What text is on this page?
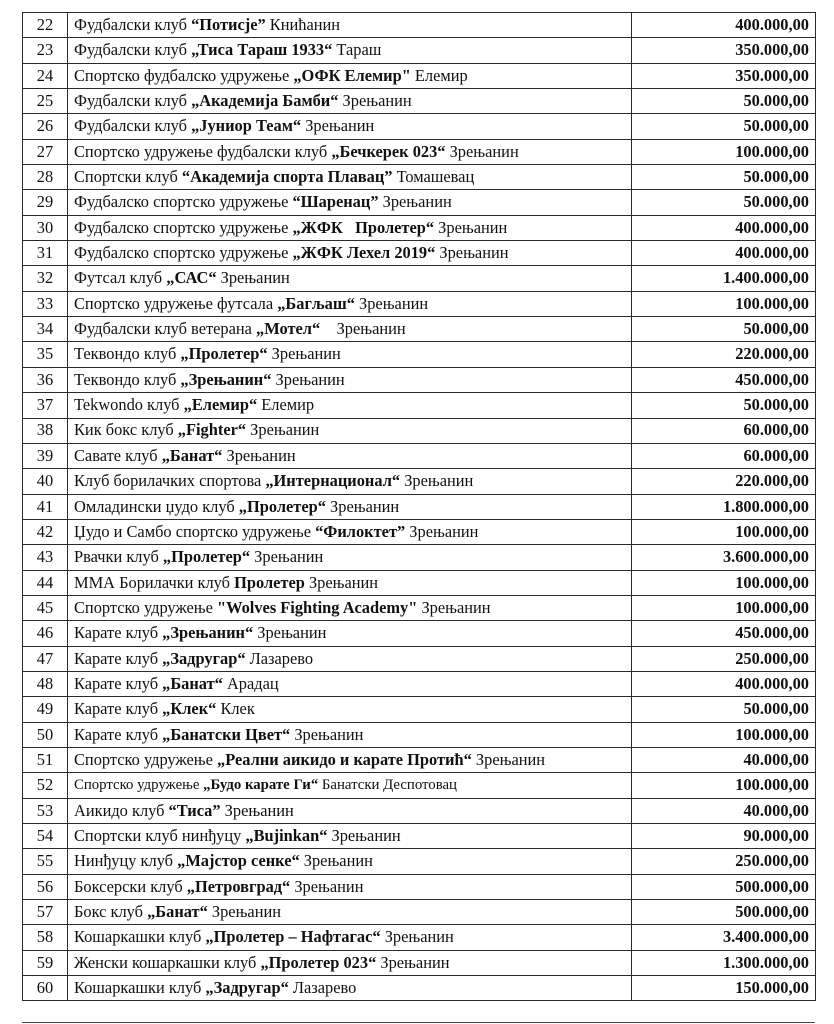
22	Фудбалски клуб “Потисје” Книћанин	400.000,00
23	Фудбалски клуб „Тиса Тараш 1933“ Тараш	350.000,00
24	Спортско фудбалско удружење „ОФК Елемир" Елемир	350.000,00
25	Фудбалски клуб „Академија Бамби“ Зрењанин	50.000,00
26	Фудбалски клуб „Јуниор Теам“ Зрењанин	50.000,00
27	Спортско удружење фудбалски клуб „Бечкерек 023“ Зрењанин	100.000,00
28	Спортски клуб “Академија спорта Плавац” Томашевац	50.000,00
29	Фудбалско спортско удружење “Шаренац” Зрењанин	50.000,00
30	Фудбалско спортско удружење „ЖФК   Пролетер“ Зрењанин	400.000,00
31	Фудбалско спортско удружење „ЖФК Лехел 2019“ Зрењанин	400.000,00
32	Футсал клуб „САС“ Зрењанин	1.400.000,00
33	Спортско удружење футсала „Багљаш“ Зрењанин	100.000,00
34	Фудбалски клуб ветерана „Мотел“    Зрењанин	50.000,00
35	Теквондо клуб „Пролетер“ Зрењанин	220.000,00
36	Теквондо клуб „Зрењанин“ Зрењанин	450.000,00
37	Tekwondo клуб „Елемир“ Елемир	50.000,00
38	Кик бокс клуб „Fighter“ Зрењанин	60.000,00
39	Савате клуб „Банат“ Зрењанин	60.000,00
40	Клуб борилачких спортова „Интернационал“ Зрењанин	220.000,00
41	Омладински џудо клуб „Пролетер“ Зрењанин	1.800.000,00
42	Џудо и Самбо спортско удружење “Филоктет” Зрењанин	100.000,00
43	Рвачки клуб „Пролетер“ Зрењанин	3.600.000,00
44	ММА Борилачки клуб Пролетер Зрењанин	100.000,00
45	Спортско удружење "Wolves Fighting Academy" Зрењанин	100.000,00
46	Карате клуб „Зрењанин“ Зрењанин	450.000,00
47	Карате клуб „Задругар“ Лазарево	250.000,00
48	Карате клуб „Банат“ Арадац	400.000,00
49	Карате клуб „Клек“ Клек	50.000,00
50	Карате клуб „Банатски Цвет“ Зрењанин	100.000,00
51	Спортско удружење „Реални аикидо и карате Протић“ Зрењанин	40.000,00
52	Спортско удружење „Будо карате Ги“ Банатски Деспотовац	100.000,00
53	Аикидо клуб “Тиса” Зрењанин	40.000,00
54	Спортски клуб нинђуцу „Bujinkan“ Зрењанин	90.000,00
55	Нинђуцу клуб „Мајстор сенке“ Зрењанин	250.000,00
56	Боксерски клуб „Петровград“ Зрењанин	500.000,00
57	Бокс клуб „Банат“ Зрењанин	500.000,00
58	Кошаркашки клуб „Пролетер – Нафтагас“ Зрењанин	3.400.000,00
59	Женски кошаркашки клуб „Пролетер 023“ Зрењанин	1.300.000,00
60	Кошаркашки клуб „Задругар“ Лазарево	150.000,00
